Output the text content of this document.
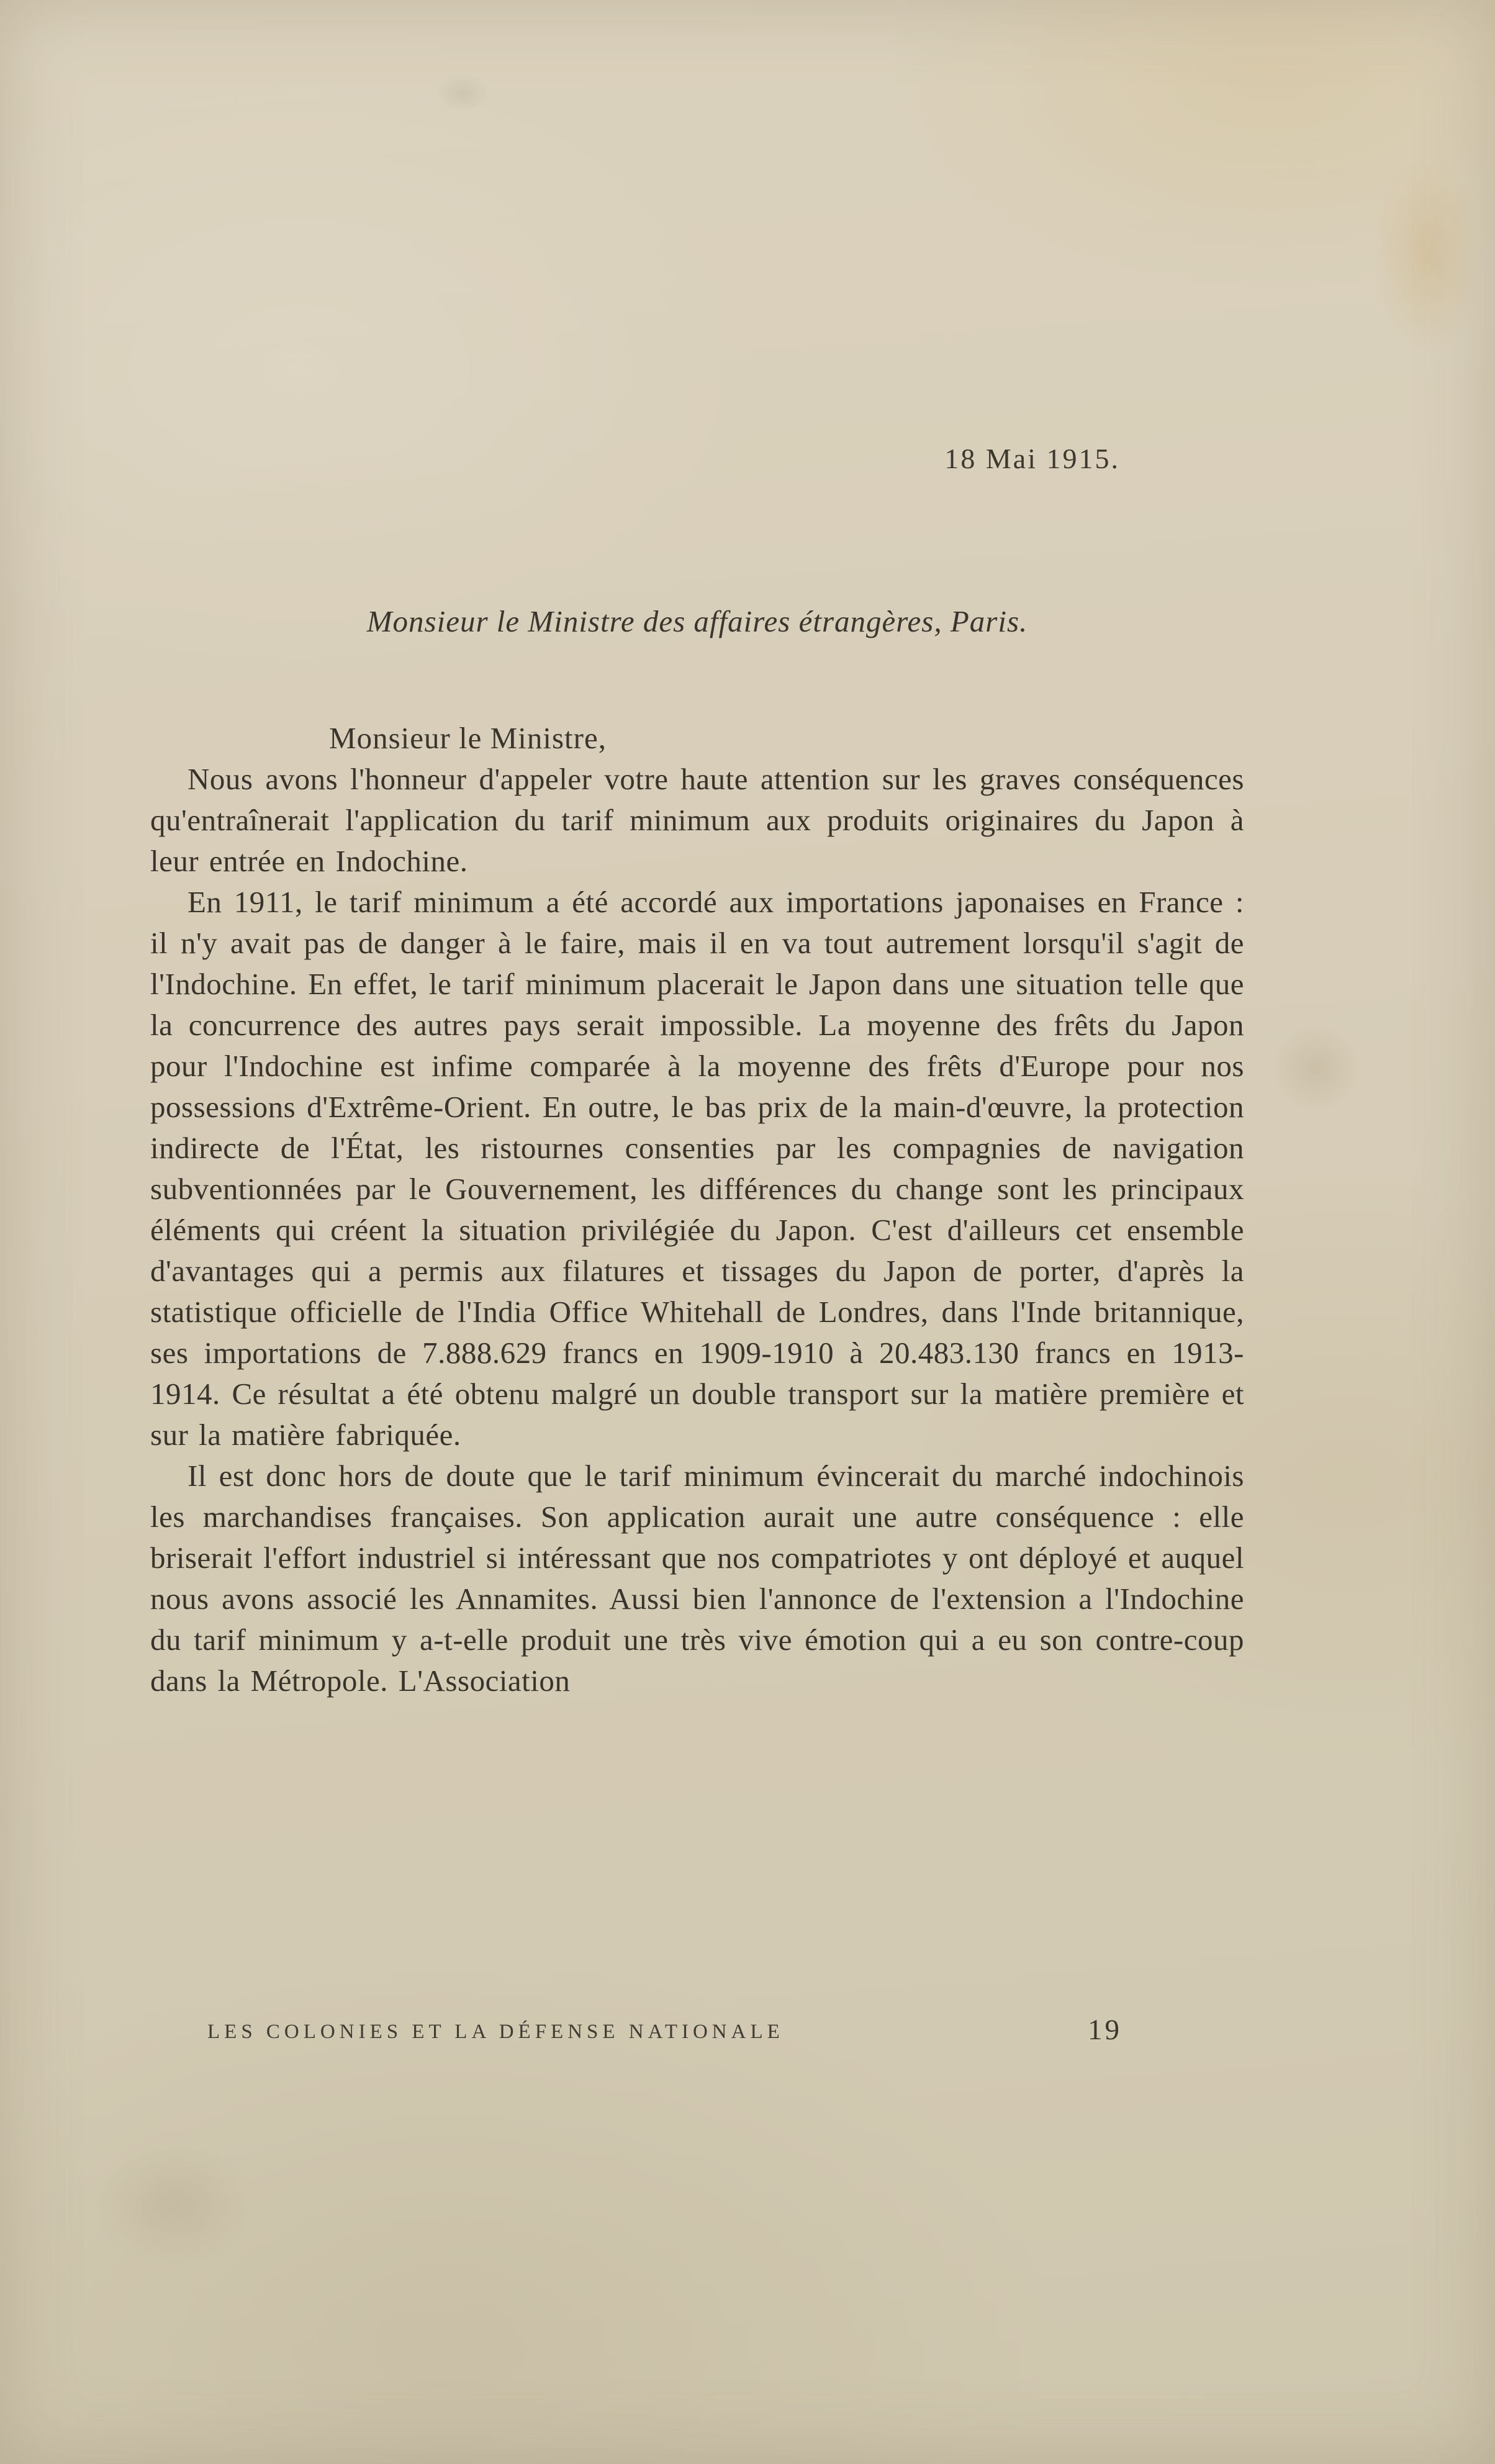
18 Mai 1915.
Monsieur le Ministre des affaires étrangères, Paris.
Monsieur le Ministre,

Nous avons l'honneur d'appeler votre haute attention sur les graves conséquences qu'entraînerait l'application du tarif minimum aux produits originaires du Japon à leur entrée en Indochine.

En 1911, le tarif minimum a été accordé aux importations japonaises en France : il n'y avait pas de danger à le faire, mais il en va tout autrement lorsqu'il s'agit de l'Indochine. En effet, le tarif minimum placerait le Japon dans une situation telle que la concurrence des autres pays serait impossible. La moyenne des frêts du Japon pour l'Indochine est infime comparée à la moyenne des frêts d'Europe pour nos possessions d'Extrême-Orient. En outre, le bas prix de la main-d'œuvre, la protection indirecte de l'État, les ristournes consenties par les compagnies de navigation subventionnées par le Gouvernement, les différences du change sont les principaux éléments qui créent la situation privilégiée du Japon. C'est d'ailleurs cet ensemble d'avantages qui a permis aux filatures et tissages du Japon de porter, d'après la statistique officielle de l'India Office Whitehall de Londres, dans l'Inde britannique, ses importations de 7.888.629 francs en 1909-1910 à 20.483.130 francs en 1913-1914. Ce résultat a été obtenu malgré un double transport sur la matière première et sur la matière fabriquée.

Il est donc hors de doute que le tarif minimum évincerait du marché indochinois les marchandises françaises. Son application aurait une autre conséquence : elle briserait l'effort industriel si intéressant que nos compatriotes y ont déployé et auquel nous avons associé les Annamites. Aussi bien l'annonce de l'extension a l'Indochine du tarif minimum y a-t-elle produit une très vive émotion qui a eu son contre-coup dans la Métropole. L'Association

LES COLONIES ET LA DÉFENSE NATIONALE	19
